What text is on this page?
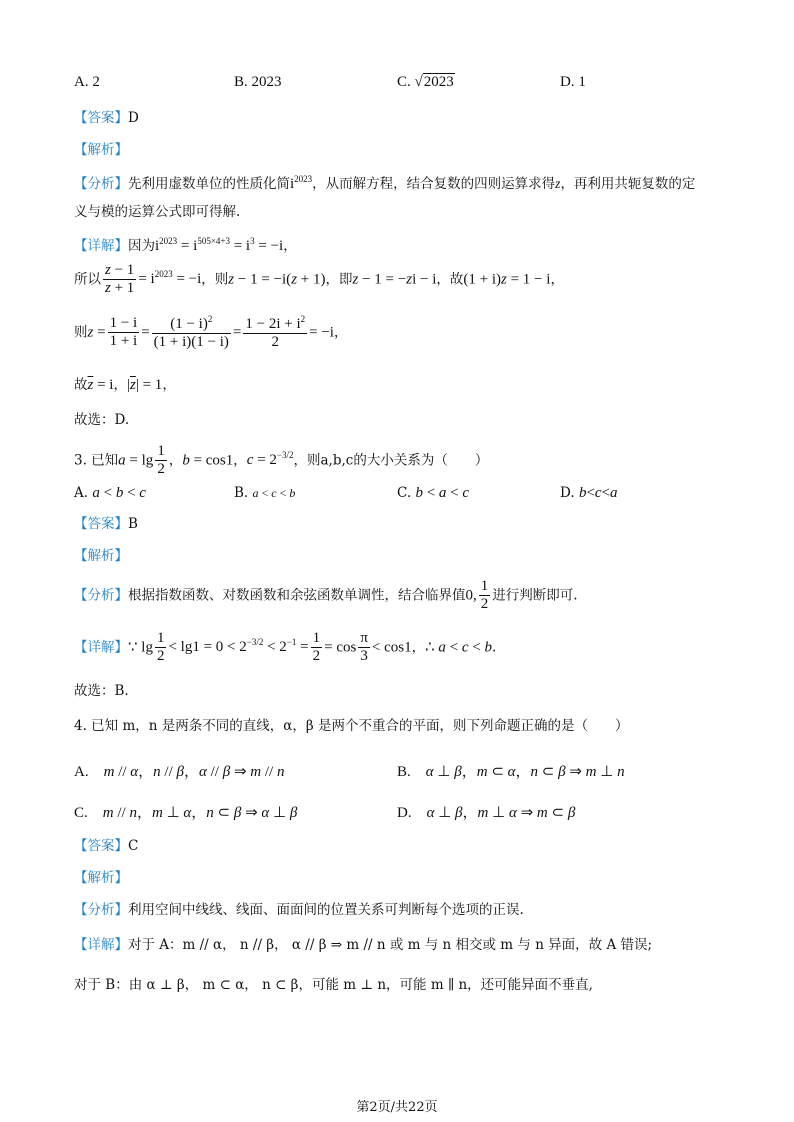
A. 2	B. 2023	C. √2023	D. 1
【答案】D
【解析】
【分析】先利用虚数单位的性质化简$i^{2023}$，从而解方程，结合复数的四则运算求得z，再利用共轭复数的定
义与模的运算公式即可得解.
【详解】因为$i^{2023} = i^{505\times 4+3} = i^3 = -i$，
所以 $\frac{z - 1}{z + 1} = i^{2023} = -i$，则z − 1 = −i(z + 1)，即z − 1 = −zi − i，故(1 + i)z = 1 − i，
则$z = \frac{1 - i}{1 + i} = \frac{(1 - i)^2}{(1 + i)(1 - i)} = \frac{1 - 2i + i^2}{2} = -i$，
故$\overline{z} = i$，$|\overline{z}| = 1$，
故选：D.
3. 已知$a = \lg \frac{1}{2}$ ，b = cos1，$c = 2^{-3/2}$，则a,b,c的大小关系为（　　）
A. a < b < c	B. a < c < b	C. b < a < c	D. b<c<a
【答案】B
【解析】
【分析】根据指数函数、对数函数和余弦函数单调性，结合临界值0, $\frac{1}{2}$ 进行判断即可.
【详解】∵ $\lg \frac{1}{2} < \lg 1 = 0 < 2^{-3/2} < 2^{-1} = \frac{1}{2} = \cos \frac{\pi}{3} < \cos 1$，∴ a < c < b.
故选：B.
4. 已知 m，n 是两条不同的直线，α，β 是两个不重合的平面，则下列命题正确的是（　　）
A.　m // α，n // β，α // β ⇒ m // n	B.　α ⊥ β，m ⊂ α，n ⊂ β ⇒ m ⊥ n
C.　m // n，m ⊥ α，n ⊂ β ⇒ α ⊥ β	D.　α ⊥ β，m ⊥ α ⇒ m ⊂ β
【答案】C
【解析】
【分析】利用空间中线线、线面、面面间的位置关系可判断每个选项的正误.
【详解】对于 A：m // α， n // β， α // β ⇒ m // n 或 m 与 n 相交或 m 与 n 异面，故 A 错误;
对于 B：由 α ⊥ β， m ⊂ α， n ⊂ β，可能 m ⊥ n，可能 m ∥ n，还可能异面不垂直,
第2页/共22页
